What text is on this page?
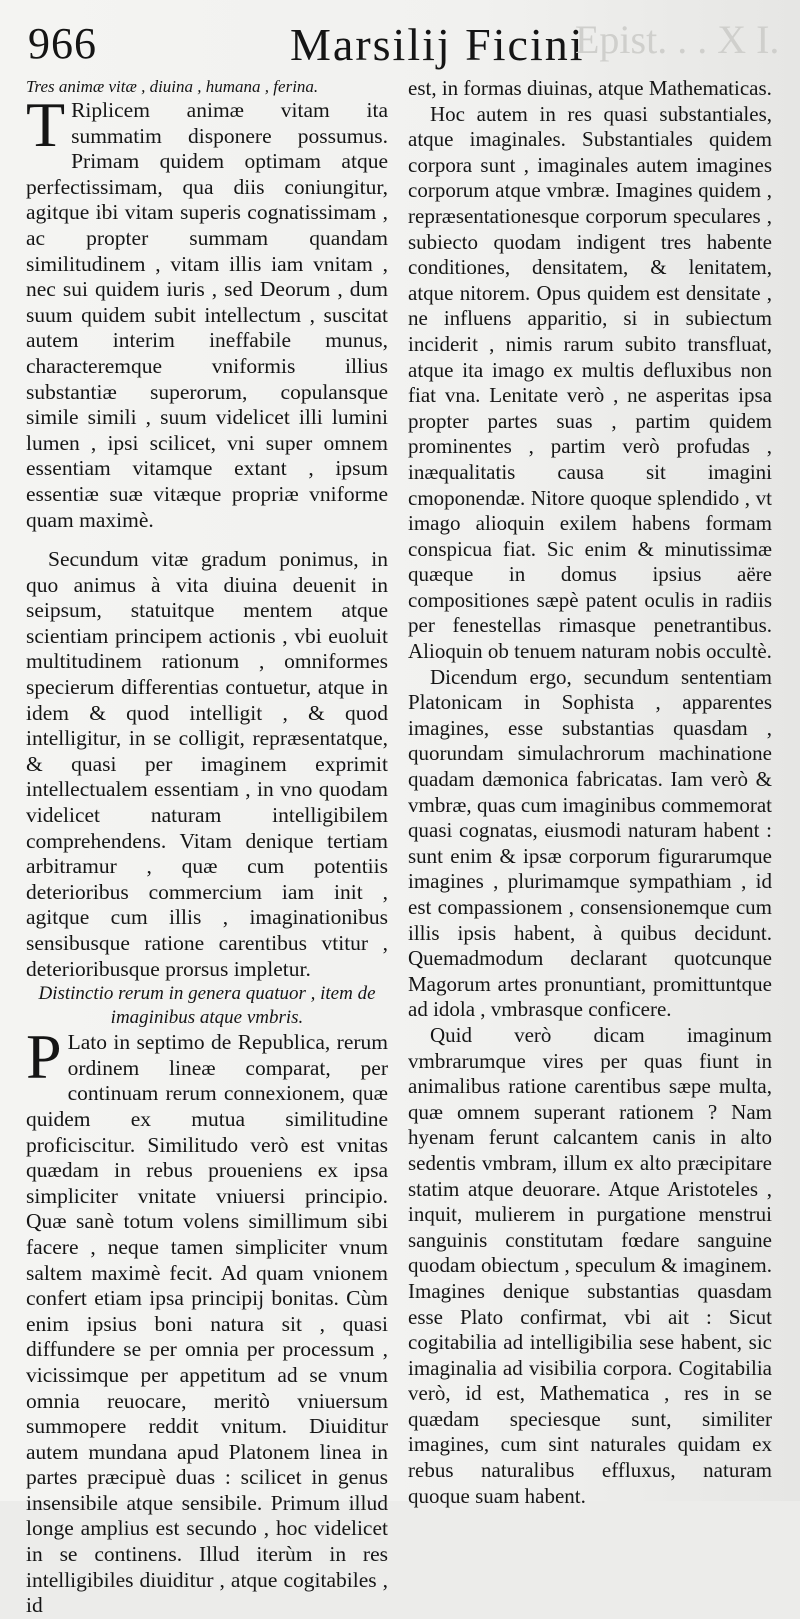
966	Marsilij Ficini
Epist. . . X I.

Tres animæ vitæ , diuina , humana , ferina.

T Riplicem animæ vitam ita summatim disponere possumus. Primam quidem optimam atque perfectissimam, qua diis coniungitur, agitque ibi vitam superis cognatissimam , ac propter summam quandam similitudinem , vitam illis iam vnitam , nec sui quidem iuris , sed Deorum , dum suum quidem subit intellectum , suscitat autem interim ineffabile munus, characteremque vniformis illius substantiæ superorum, copulansque simile simili , suum videlicet illi lumini lumen , ipsi scilicet, vni super omnem essentiam vitamque extant , ipsum essentiæ suæ vitæque propriæ vniforme quam maximè.

Secundum vitæ gradum ponimus, in quo animus à vita diuina deuenit in seipsum, statuitque mentem atque scientiam principem actionis , vbi euoluit multitudinem rationum , omniformes specierum differentias contuetur, atque in idem & quod intelligit , & quod intelligitur, in se colligit, repræsentatque, & quasi per imaginem exprimit intellectualem essentiam , in vno quodam videlicet naturam intelligibilem comprehendens. Vitam denique tertiam arbitramur , quæ cum potentiis deterioribus commercium iam init , agitque cum illis , imaginationibus sensibusque ratione carentibus vtitur , deterioribusque prorsus impletur.

Distinctio rerum in genera quatuor , item de imaginibus atque vmbris.

P Lato in septimo de Republica, rerum ordinem lineæ comparat, per continuam rerum connexionem, quæ quidem ex mutua similitudine proficiscitur. Similitudo verò est vnitas quædam in rebus proueniens ex ipsa simpliciter vnitate vniuersi principio. Quæ sanè totum volens simillimum sibi facere , neque tamen simpliciter vnum saltem maximè fecit. Ad quam vnionem confert etiam ipsa principij bonitas. Cùm enim ipsius boni natura sit , quasi diffundere se per omnia per processum , vicissimque per appetitum ad se vnum omnia reuocare, meritò vniuersum summopere reddit vnitum. Diuiditur autem mundana apud Platonem linea in partes præcipuè duas : scilicet in genus insensibile atque sensibile. Primum illud longe amplius est secundo , hoc videlicet in se continens. Illud iterùm in res intelligibiles diuiditur , atque cogitabiles , id

est, in formas diuinas, atque Mathematicas.

Hoc autem in res quasi substantiales, atque imaginales. Substantiales quidem corpora sunt , imaginales autem imagines corporum atque vmbræ. Imagines quidem , repræsentationesque corporum speculares , subiecto quodam indigent tres habente conditiones, densitatem, & lenitatem, atque nitorem. Opus quidem est densitate , ne influens apparitio, si in subiectum inciderit , nimis rarum subito transfluat, atque ita imago ex multis defluxibus non fiat vna. Lenitate verò , ne asperitas ipsa propter partes suas , partim quidem prominentes , partim verò profudas , inæqualitatis causa sit imagini cmoponendæ. Nitore quoque splendido , vt imago alioquin exilem habens formam conspicua fiat. Sic enim & minutissimæ quæque in domus ipsius aëre compositiones sæpè patent oculis in radiis per fenestellas rimasque penetrantibus. Alioquin ob tenuem naturam nobis occultè.

Dicendum ergo, secundum sententiam Platonicam in Sophista , apparentes imagines, esse substantias quasdam , quorundam simulachrorum machinatione quadam dæmonica fabricatas. Iam verò & vmbræ, quas cum imaginibus commemorat quasi cognatas, eiusmodi naturam habent : sunt enim & ipsæ corporum figurarumque imagines , plurimamque sympathiam , id est compassionem , consensionemque cum illis ipsis habent, à quibus decidunt. Quemadmodum declarant quotcunque Magorum artes pronuntiant, promittuntque ad idola , vmbrasque conficere.

Quid verò dicam imaginum vmbrarumque vires per quas fiunt in animalibus ratione carentibus sæpe multa, quæ omnem superant rationem ? Nam hyenam ferunt calcantem canis in alto sedentis vmbram, illum ex alto præcipitare statim atque deuorare. Atque Aristoteles , inquit, mulierem in purgatione menstrui sanguinis constitutam fœdare sanguine quodam obiectum , speculum & imaginem. Imagines denique substantias quasdam esse Plato confirmat, vbi ait : Sicut cogitabilia ad intelligibilia sese habent, sic imaginalia ad visibilia corpora. Cogitabilia verò, id est, Mathematica , res in se quædam speciesque sunt, similiter imagines, cum sint naturales quidam ex rebus naturalibus effluxus, naturam quoque suam habent.
